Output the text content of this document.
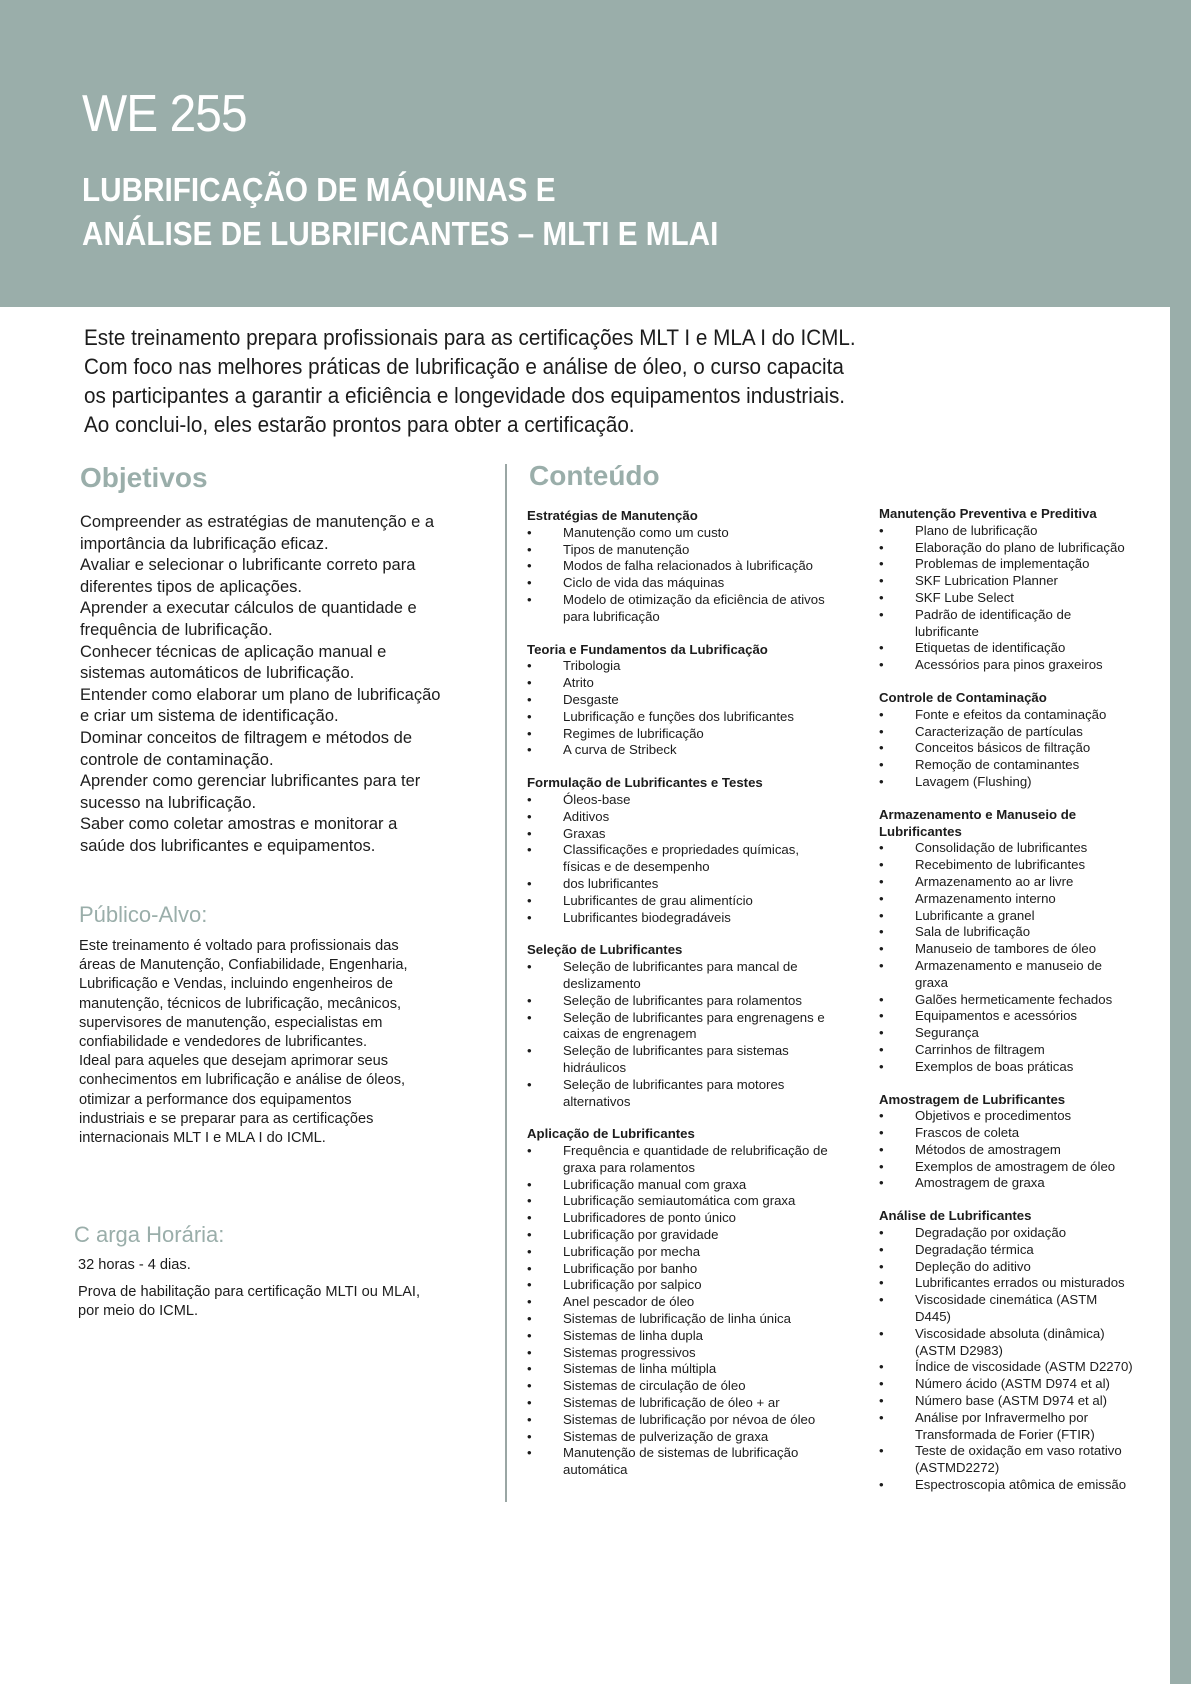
WE 255
LUBRIFICAÇÃO DE MÁQUINAS E
ANÁLISE DE LUBRIFICANTES – MLTI E MLAI
Este treinamento prepara profissionais para as certificações MLT I e MLA I do ICML.
Com foco nas melhores práticas de lubrificação e análise de óleo, o curso capacita
os participantes a garantir a eficiência e longevidade dos equipamentos industriais.
Ao conclui-lo, eles estarão prontos para obter a certificação.
Objetivos
Compreender as estratégias de manutenção e a
importância da lubrificação eficaz.
Avaliar e selecionar o lubrificante correto para
diferentes tipos de aplicações.
Aprender a executar cálculos de quantidade e
frequência de lubrificação.
Conhecer técnicas de aplicação manual e
sistemas automáticos de lubrificação.
Entender como elaborar um plano de lubrificação
e criar um sistema de identificação.
Dominar conceitos de filtragem e métodos de
controle de contaminação.
Aprender como gerenciar lubrificantes para ter
sucesso na lubrificação.
Saber como coletar amostras e monitorar a
saúde dos lubrificantes e equipamentos.
Público-Alvo:
Este treinamento é voltado para profissionais das
áreas de Manutenção, Confiabilidade, Engenharia,
Lubrificação e Vendas, incluindo engenheiros de
manutenção, técnicos de lubrificação, mecânicos,
supervisores de manutenção, especialistas em
confiabilidade e vendedores de lubrificantes.
Ideal para aqueles que desejam aprimorar seus
conhecimentos em lubrificação e análise de óleos,
otimizar a performance dos equipamentos
industriais e se preparar para as certificações
internacionais MLT I e MLA I do ICML.
C arga Horária:
32 horas - 4 dias.
Prova de habilitação para certificação MLTI ou MLAI,
por meio do ICML.
Conteúdo
Estratégias de Manutenção
• Manutenção como um custo
• Tipos de manutenção
• Modos de falha relacionados à lubrificação
• Ciclo de vida das máquinas
• Modelo de otimização da eficiência de ativos
para lubrificação
Teoria e Fundamentos da Lubrificação
• Tribologia
• Atrito
• Desgaste
• Lubrificação e funções dos lubrificantes
• Regimes de lubrificação
• A curva de Stribeck
Formulação de Lubrificantes e Testes
• Óleos-base
• Aditivos
• Graxas
• Classificações e propriedades químicas,
físicas e de desempenho
• dos lubrificantes
• Lubrificantes de grau alimentício
• Lubrificantes biodegradáveis
Seleção de Lubrificantes
• Seleção de lubrificantes para mancal de
deslizamento
• Seleção de lubrificantes para rolamentos
• Seleção de lubrificantes para engrenagens e
caixas de engrenagem
• Seleção de lubrificantes para sistemas
hidráulicos
• Seleção de lubrificantes para motores
alternativos
Aplicação de Lubrificantes
• Frequência e quantidade de relubrificação de
graxa para rolamentos
• Lubrificação manual com graxa
• Lubrificação semiautomática com graxa
• Lubrificadores de ponto único
• Lubrificação por gravidade
• Lubrificação por mecha
• Lubrificação por banho
• Lubrificação por salpico
• Anel pescador de óleo
• Sistemas de lubrificação de linha única
• Sistemas de linha dupla
• Sistemas progressivos
• Sistemas de linha múltipla
• Sistemas de circulação de óleo
• Sistemas de lubrificação de óleo + ar
• Sistemas de lubrificação por névoa de óleo
• Sistemas de pulverização de graxa
• Manutenção de sistemas de lubrificação
automática
Manutenção Preventiva e Preditiva
• Plano de lubrificação
• Elaboração do plano de lubrificação
• Problemas de implementação
• SKF Lubrication Planner
• SKF Lube Select
• Padrão de identificação de
lubrificante
• Etiquetas de identificação
• Acessórios para pinos graxeiros
Controle de Contaminação
• Fonte e efeitos da contaminação
• Caracterização de partículas
• Conceitos básicos de filtração
• Remoção de contaminantes
• Lavagem (Flushing)
Armazenamento e Manuseio de
Lubrificantes
• Consolidação de lubrificantes
• Recebimento de lubrificantes
• Armazenamento ao ar livre
• Armazenamento interno
• Lubrificante a granel
• Sala de lubrificação
• Manuseio de tambores de óleo
• Armazenamento e manuseio de
graxa
• Galões hermeticamente fechados
• Equipamentos e acessórios
• Segurança
• Carrinhos de filtragem
• Exemplos de boas práticas
Amostragem de Lubrificantes
• Objetivos e procedimentos
• Frascos de coleta
• Métodos de amostragem
• Exemplos de amostragem de óleo
• Amostragem de graxa
Análise de Lubrificantes
• Degradação por oxidação
• Degradação térmica
• Depleção do aditivo
• Lubrificantes errados ou misturados
• Viscosidade cinemática (ASTM
D445)
• Viscosidade absoluta (dinâmica)
(ASTM D2983)
• Índice de viscosidade (ASTM D2270)
• Número ácido (ASTM D974 et al)
• Número base (ASTM D974 et al)
• Análise por Infravermelho por
Transformada de Forier (FTIR)
• Teste de oxidação em vaso rotativo
(ASTMD2272)
• Espectroscopia atômica de emissão
